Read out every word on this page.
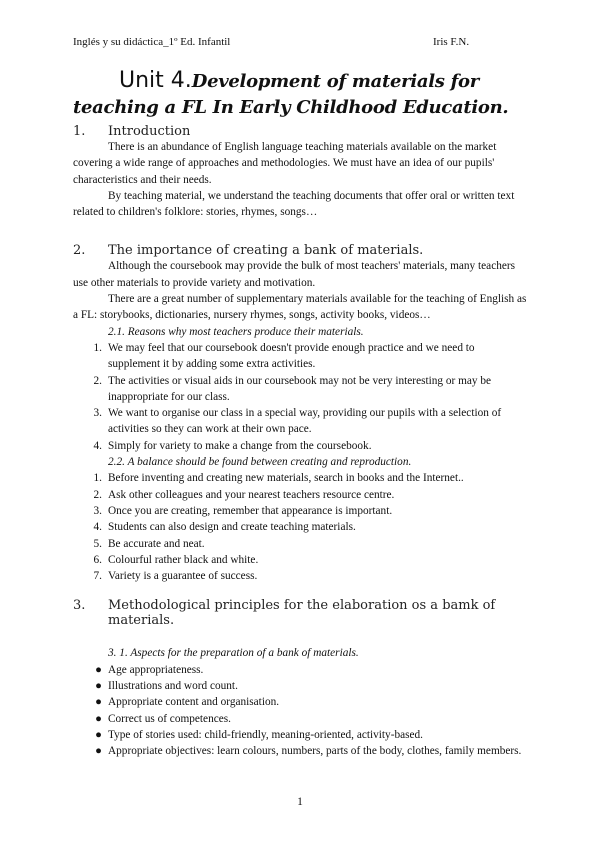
Inglés y su didáctica_1º Ed. Infantil	Iris F.N.
Unit 4.Development of materials for teaching a FL In Early Childhood Education.
1.	Introduction

There is an abundance of English language teaching materials available on the market covering a wide range of approaches and methodologies. We must have an idea of our pupils' characteristics and their needs.

By teaching material, we understand the teaching documents that offer oral or written text related to children's folklore: stories, rhymes, songs…

2.	The importance of creating a bank of materials.

Although the coursebook may provide the bulk of most teachers' materials, many teachers use other materials to provide variety and motivation.

There are a great number of supplementary materials available for the teaching of English as a FL: storybooks, dictionaries, nursery rhymes, songs, activity books, videos…

2.1. Reasons why most teachers produce their materials.
1. We may feel that our coursebook doesn't provide enough practice and we need to supplement it by adding some extra activities.
2. The activities or visual aids in our coursebook may not be very interesting or may be inappropriate for our class.
3. We want to organise our class in a special way, providing our pupils with a selection of activities so they can work at their own pace.
4. Simply for variety to make a change from the coursebook.
2.2. A balance should be found between creating and reproduction.
1. Before inventing and creating new materials, search in books and the Internet..
2. Ask other colleagues and your nearest teachers resource centre.
3. Once you are creating, remember that appearance is important.
4. Students can also design and create teaching materials.
5. Be accurate and neat.
6. Colourful rather black and white.
7. Variety is a guarantee of success.
3.	Methodological principles for the elaboration os a bamk of materials.
3. 1. Aspects for the preparation of a bank of materials.
● Age appropriateness.
● Illustrations and word count.
● Appropriate content and organisation.
● Correct us of competences.
● Type of stories used: child-friendly, meaning-oriented, activity-based.
● Appropriate objectives: learn colours, numbers, parts of the body, clothes, family members.
1
